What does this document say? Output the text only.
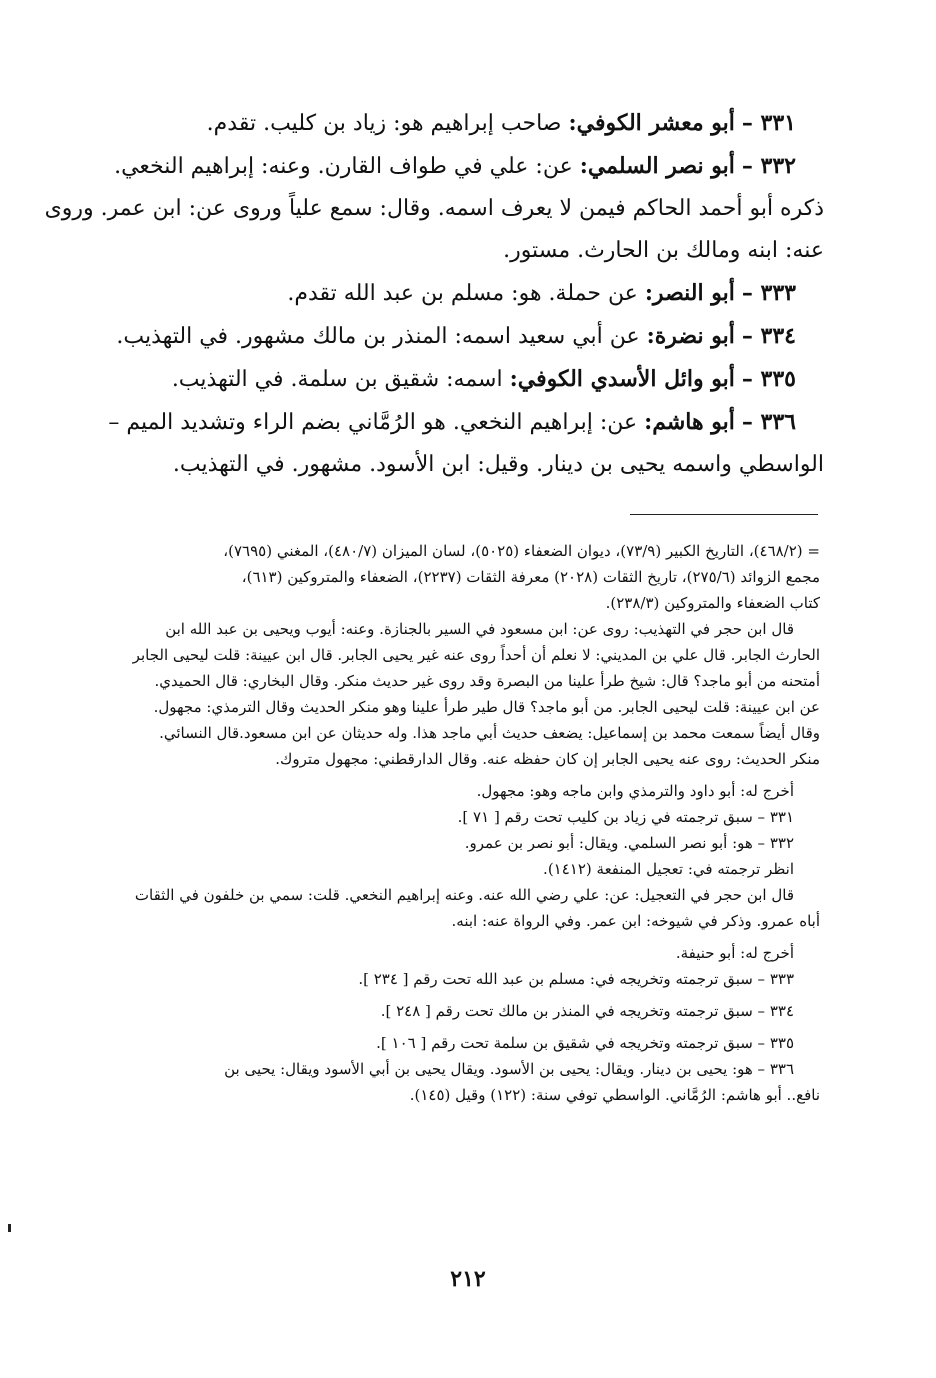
٣٣١ – أبو معشر الكوفي: صاحب إبراهيم هو: زياد بن كليب. تقدم.

٣٣٢ – أبو نصر السلمي: عن: علي في طواف القارن. وعنه: إبراهيم النخعي.

ذكره أبو أحمد الحاكم فيمن لا يعرف اسمه. وقال: سمع علياً وروى عن: ابن عمر. وروى

عنه: ابنه ومالك بن الحارث. مستور.

٣٣٣ – أبو النصر: عن حملة. هو: مسلم بن عبد الله تقدم.

٣٣٤ – أبو نضرة: عن أبي سعيد اسمه: المنذر بن مالك مشهور. في التهذيب.

٣٣٥ – أبو وائل الأسدي الكوفي: اسمه: شقيق بن سلمة. في التهذيب.

٣٣٦ – أبو هاشم: عن: إبراهيم النخعي. هو الرُمَّاني بضم الراء وتشديد الميم –

الواسطي واسمه يحيى بن دينار. وقيل: ابن الأسود. مشهور. في التهذيب.

= (٤٦٨/٢)، التاريخ الكبير (٧٣/٩)، ديوان الضعفاء (٥٠٢٥)، لسان الميزان (٤٨٠/٧)، المغني (٧٦٩٥)،

مجمع الزوائد (٢٧٥/٦)، تاريخ الثقات (٢٠٢٨) معرفة الثقات (٢٢٣٧)، الضعفاء والمتروكين (٦١٣)،

كتاب الضعفاء والمتروكين (٢٣٨/٣).

قال ابن حجر في التهذيب: روى عن: ابن مسعود في السير بالجنازة. وعنه: أيوب ويحيى بن عبد الله ابن

الحارث الجابر. قال علي بن المديني: لا نعلم أن أحداً روى عنه غير يحيى الجابر. قال ابن عيينة: قلت ليحيى الجابر

أمتحنه من أبو ماجد؟ قال: شيخ طرأ علينا من البصرة وقد روى غير حديث منكر. وقال البخاري: قال الحميدي.

عن ابن عيينة: قلت ليحيى الجابر. من أبو ماجد؟ قال طير طرأ علينا وهو منكر الحديث وقال الترمذي: مجهول.

وقال أيضاً سمعت محمد بن إسماعيل: يضعف حديث أبي ماجد هذا. وله حديثان عن ابن مسعود.قال النسائي.

منكر الحديث: روى عنه يحيى الجابر إن كان حفظه عنه. وقال الدارقطني: مجهول متروك.

أخرج له: أبو داود والترمذي وابن ماجه وهو: مجهول.

٣٣١ – سبق ترجمته في زياد بن كليب تحت رقم [ ٧١ ].

٣٣٢ – هو: أبو نصر السلمي. ويقال: أبو نصر بن عمرو.

انظر ترجمته في: تعجيل المنفعة (١٤١٢).

قال ابن حجر في التعجيل: عن: علي رضي الله عنه. وعنه إبراهيم النخعي. قلت: سمي بن خلفون في الثقات

أباه عمرو. وذكر في شيوخه: ابن عمر. وفي الرواة عنه: ابنه.

أخرج له: أبو حنيفة.

٣٣٣ – سبق ترجمته وتخريجه في: مسلم بن عبد الله تحت رقم [ ٢٣٤ ].

٣٣٤ – سبق ترجمته وتخريجه في المنذر بن مالك تحت رقم [ ٢٤٨ ].

٣٣٥ – سبق ترجمته وتخريجه في شقيق بن سلمة تحت رقم [ ١٠٦ ].

٣٣٦ – هو: يحيى بن دينار. ويقال: يحيى بن الأسود. ويقال يحيى بن أبي الأسود ويقال: يحيى بن

نافع.. أبو هاشم: الرُمَّاني. الواسطي توفي سنة: (١٢٢) وقيل (١٤٥).

٢١٢
